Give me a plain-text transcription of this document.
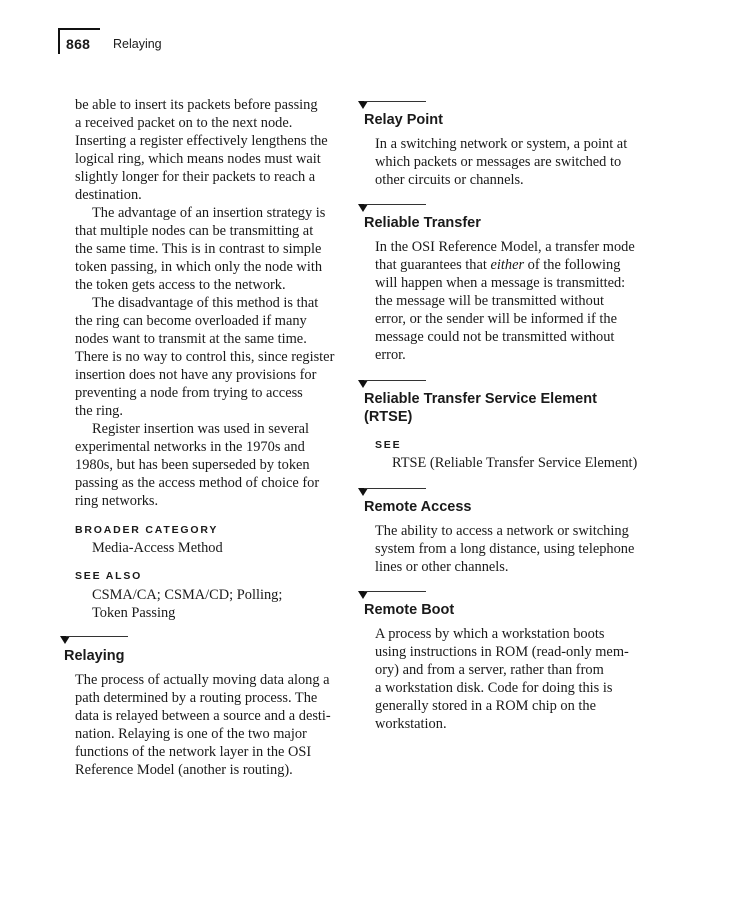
868 Relaying
be able to insert its packets before passing
a received packet on to the next node.
Inserting a register effectively lengthens the
logical ring, which means nodes must wait
slightly longer for their packets to reach a
destination.
The advantage of an insertion strategy is
that multiple nodes can be transmitting at
the same time. This is in contrast to simple
token passing, in which only the node with
the token gets access to the network.
The disadvantage of this method is that
the ring can become overloaded if many
nodes want to transmit at the same time.
There is no way to control this, since register
insertion does not have any provisions for
preventing a node from trying to access
the ring.
Register insertion was used in several
experimental networks in the 1970s and
1980s, but has been superseded by token
passing as the access method of choice for
ring networks.
BROADER CATEGORY
Media-Access Method
SEE ALSO
CSMA/CA; CSMA/CD; Polling;
Token Passing
Relaying
The process of actually moving data along a
path determined by a routing process. The
data is relayed between a source and a desti-
nation. Relaying is one of the two major
functions of the network layer in the OSI
Reference Model (another is routing).
Relay Point
In a switching network or system, a point at
which packets or messages are switched to
other circuits or channels.
Reliable Transfer
In the OSI Reference Model, a transfer mode
that guarantees that either of the following
will happen when a message is transmitted:
the message will be transmitted without
error, or the sender will be informed if the
message could not be transmitted without
error.
Reliable Transfer Service Element
(RTSE)
SEE
RTSE (Reliable Transfer Service Element)
Remote Access
The ability to access a network or switching
system from a long distance, using telephone
lines or other channels.
Remote Boot
A process by which a workstation boots
using instructions in ROM (read-only mem-
ory) and from a server, rather than from
a workstation disk. Code for doing this is
generally stored in a ROM chip on the
workstation.
